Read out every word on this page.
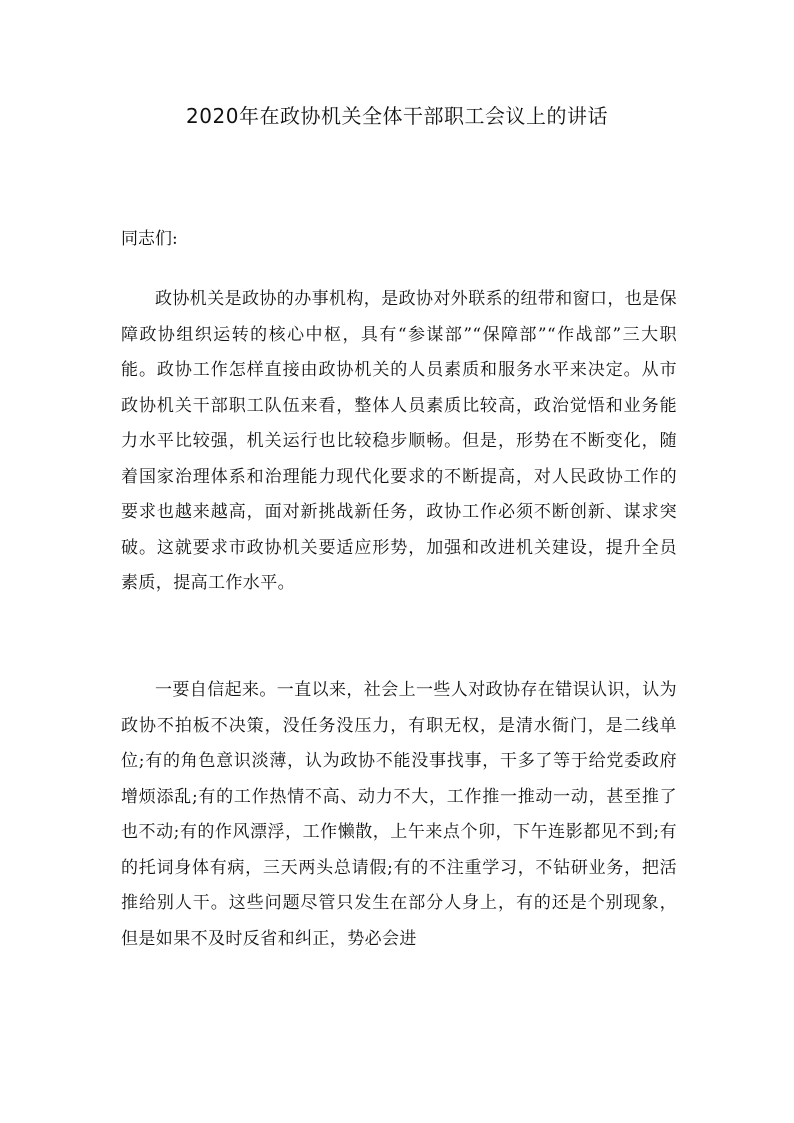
2020年在政协机关全体干部职工会议上的讲话
同志们:

政协机关是政协的办事机构，是政协对外联系的纽带和窗口，也是保障政协组织运转的核心中枢，具有“参谋部”“保障部”“作战部”三大职能。政协工作怎样直接由政协机关的人员素质和服务水平来决定。从市政协机关干部职工队伍来看，整体人员素质比较高，政治觉悟和业务能力水平比较强，机关运行也比较稳步顺畅。但是，形势在不断变化，随着国家治理体系和治理能力现代化要求的不断提高，对人民政协工作的要求也越来越高，面对新挑战新任务，政协工作必须不断创新、谋求突破。这就要求市政协机关要适应形势，加强和改进机关建设，提升全员素质，提高工作水平。

一要自信起来。一直以来，社会上一些人对政协存在错误认识，认为政协不拍板不决策，没任务没压力，有职无权，是清水衙门，是二线单位;有的角色意识淡薄，认为政协不能没事找事，干多了等于给党委政府增烦添乱;有的工作热情不高、动力不大，工作推一推动一动，甚至推了也不动;有的作风漂浮，工作懒散，上午来点个卯，下午连影都见不到;有的托词身体有病，三天两头总请假;有的不注重学习，不钻研业务，把活推给别人干。这些问题尽管只发生在部分人身上，有的还是个别现象，但是如果不及时反省和纠正，势必会进
